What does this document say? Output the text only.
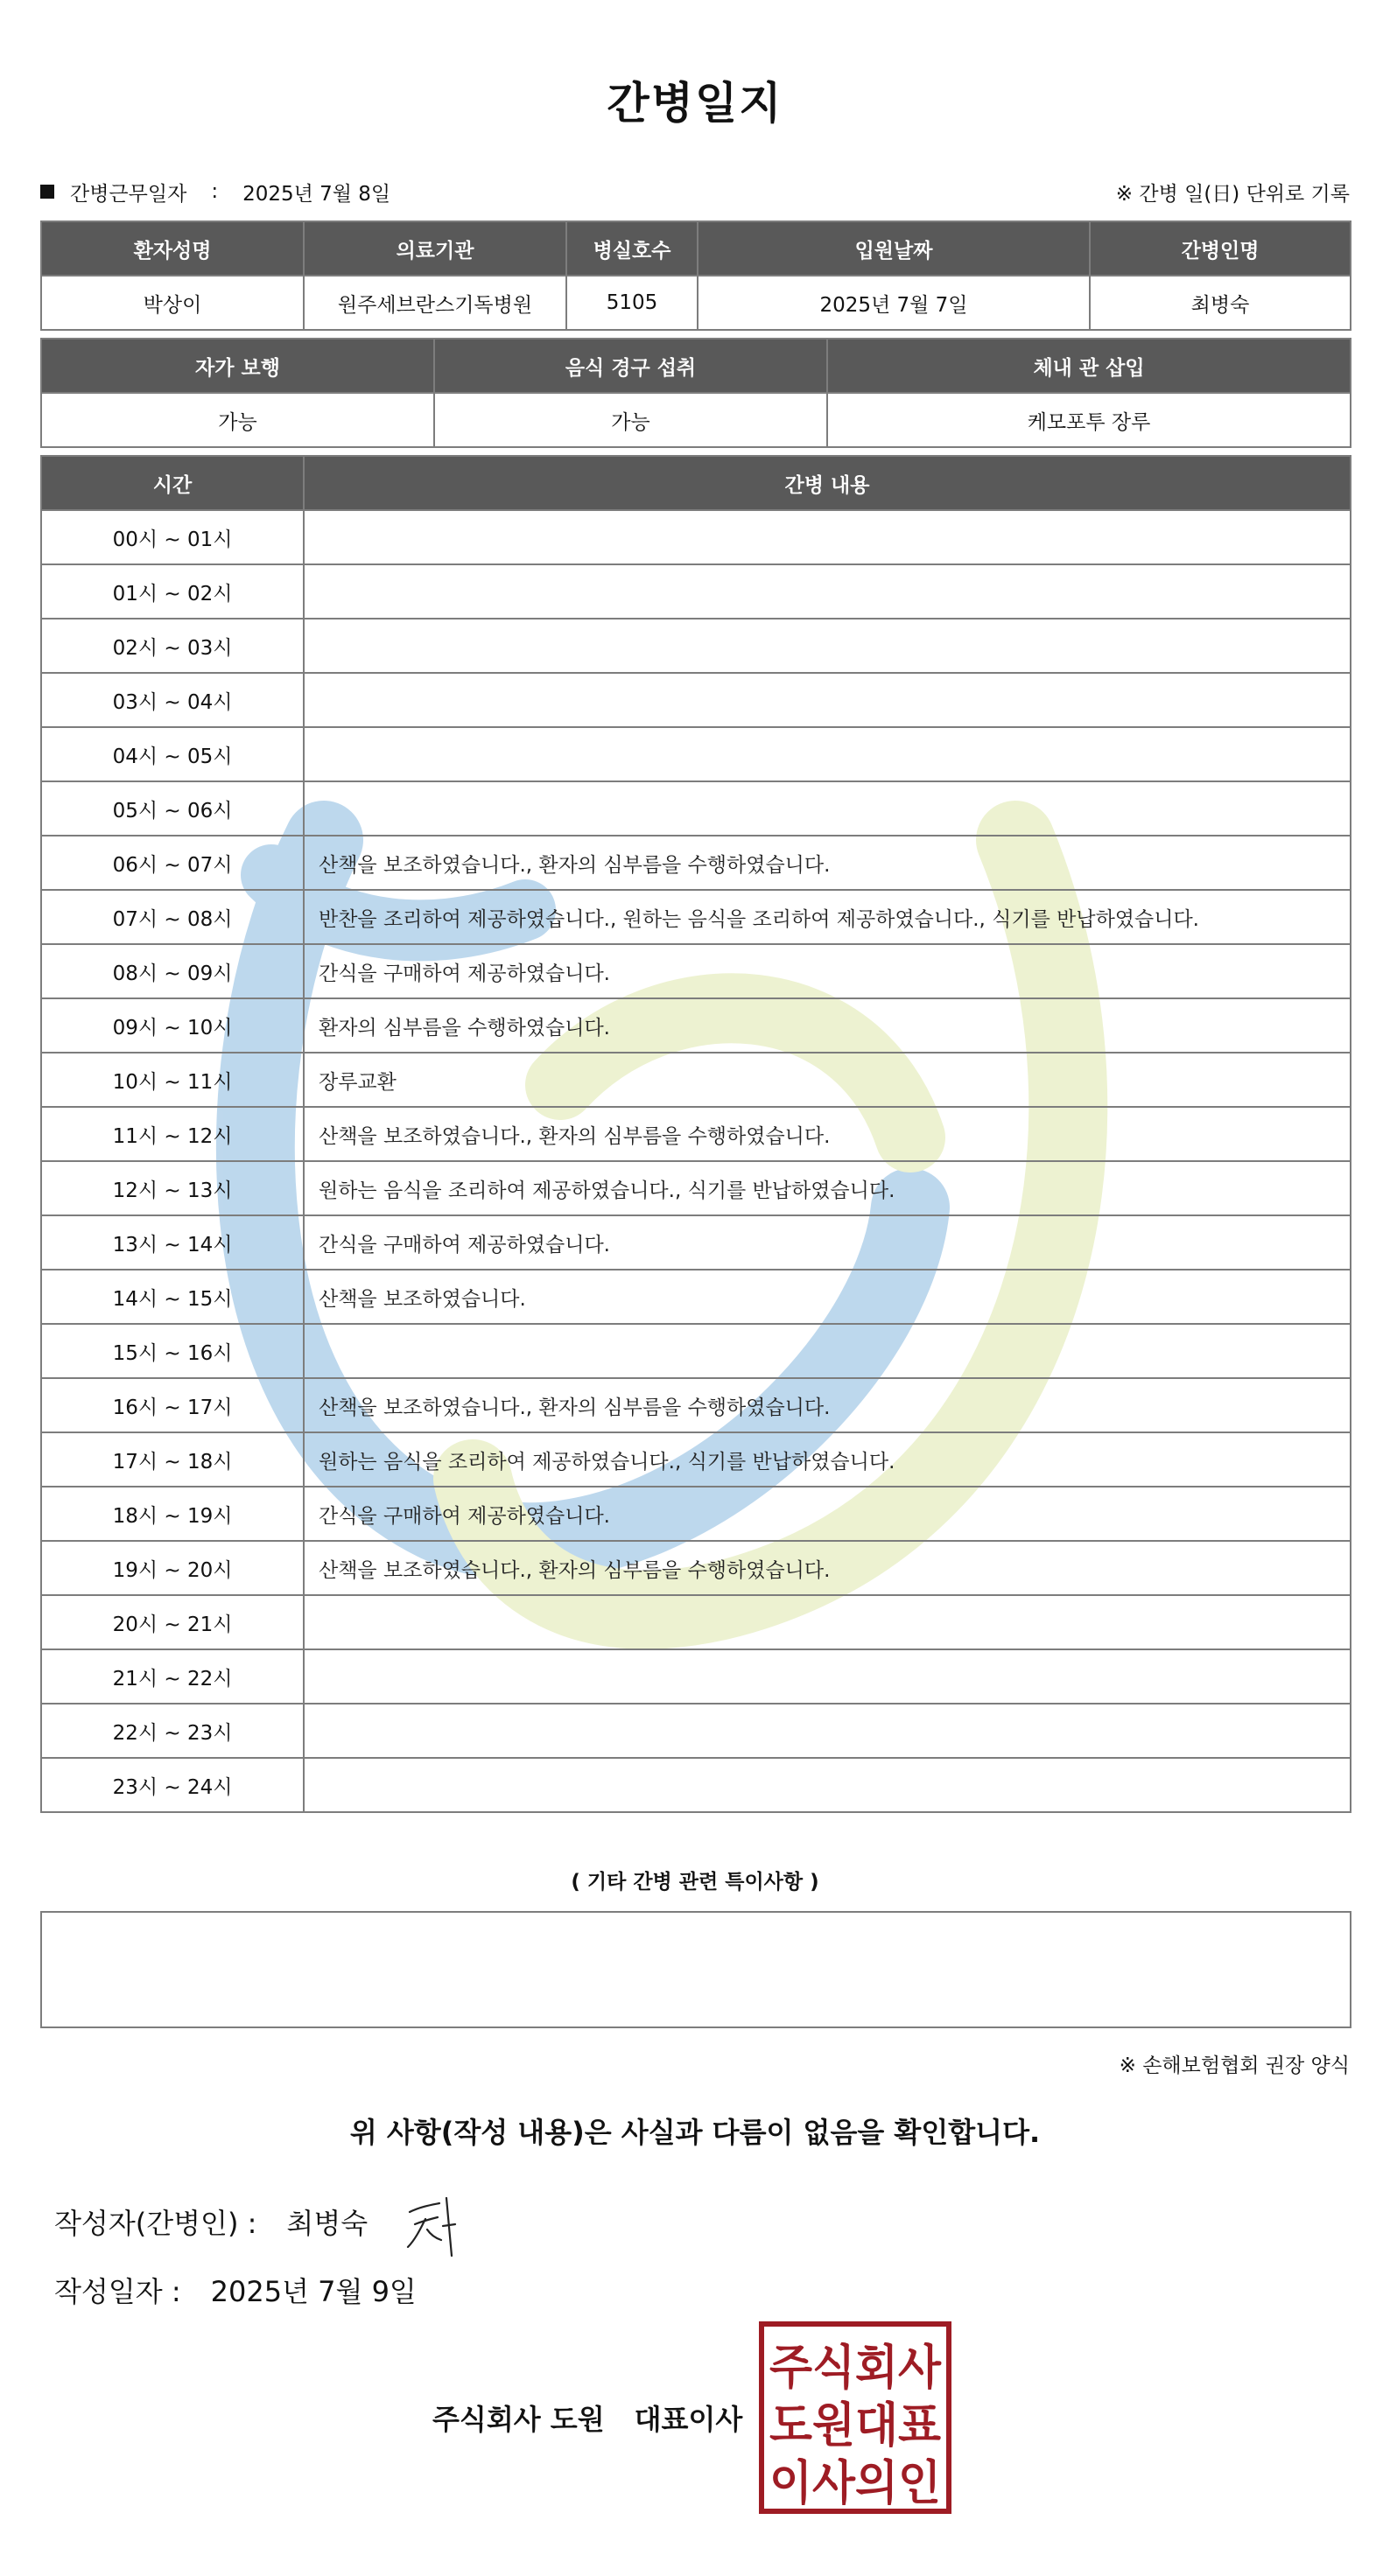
간병일지
간병근무일자 : 2025년 7월 8일	※ 간병 일(日) 단위로 기록
환자성명	의료기관	병실호수	입원날짜	간병인명
박상이	원주세브란스기독병원	5105	2025년 7월 7일	최병숙
자가 보행	음식 경구 섭취	체내 관 삽입
가능	가능	케모포투 장루
시간	간병 내용
00시 ~ 01시	
01시 ~ 02시	
02시 ~ 03시	
03시 ~ 04시	
04시 ~ 05시	
05시 ~ 06시	
06시 ~ 07시	산책을 보조하였습니다., 환자의 심부름을 수행하였습니다.
07시 ~ 08시	반찬을 조리하여 제공하였습니다., 원하는 음식을 조리하여 제공하였습니다., 식기를 반납하였습니다.
08시 ~ 09시	간식을 구매하여 제공하였습니다.
09시 ~ 10시	환자의 심부름을 수행하였습니다.
10시 ~ 11시	장루교환
11시 ~ 12시	산책을 보조하였습니다., 환자의 심부름을 수행하였습니다.
12시 ~ 13시	원하는 음식을 조리하여 제공하였습니다., 식기를 반납하였습니다.
13시 ~ 14시	간식을 구매하여 제공하였습니다.
14시 ~ 15시	산책을 보조하였습니다.
15시 ~ 16시	
16시 ~ 17시	산책을 보조하였습니다., 환자의 심부름을 수행하였습니다.
17시 ~ 18시	원하는 음식을 조리하여 제공하였습니다., 식기를 반납하였습니다.
18시 ~ 19시	간식을 구매하여 제공하였습니다.
19시 ~ 20시	산책을 보조하였습니다., 환자의 심부름을 수행하였습니다.
20시 ~ 21시	
21시 ~ 22시	
22시 ~ 23시	
23시 ~ 24시	
( 기타 간병 관련 특이사항 )
※ 손해보험협회 권장 양식
위 사항(작성 내용)은 사실과 다름이 없음을 확인합니다.
작성자(간병인) : 최병숙
작성일자 : 2025년 7월 9일
주식회사 도원 대표이사
주식회사
도원대표
이사의인
